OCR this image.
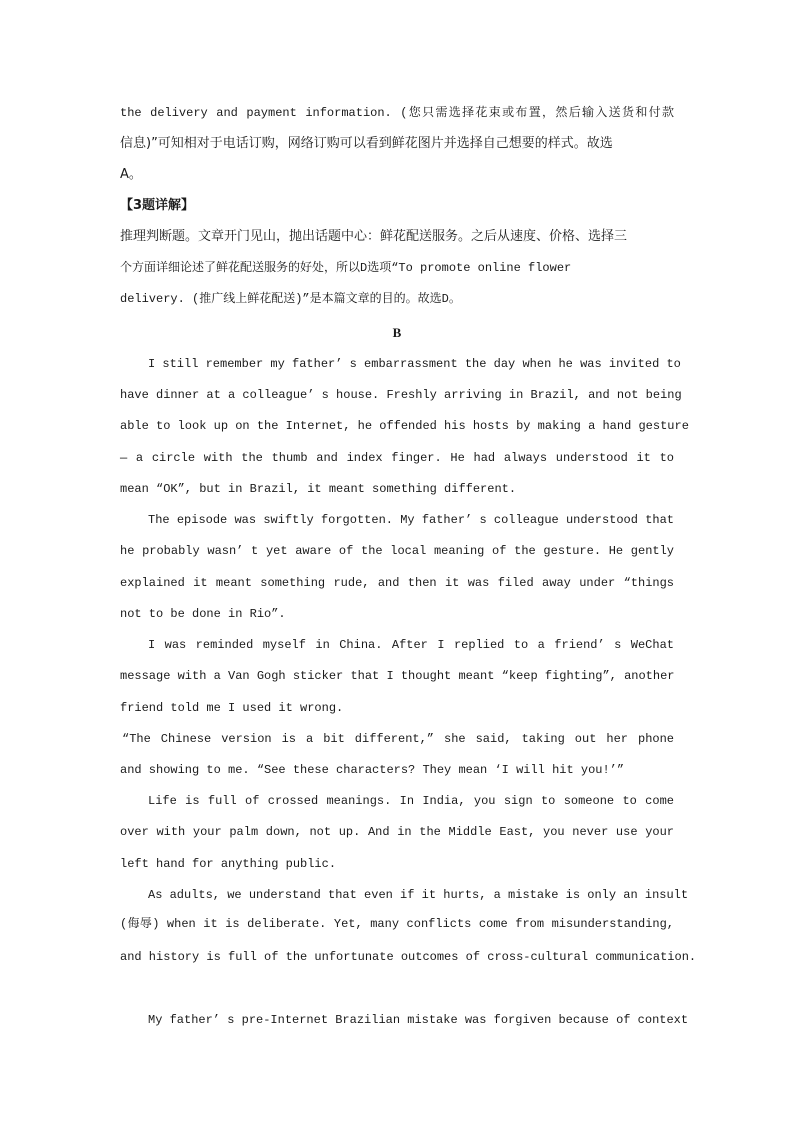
the delivery and payment information. (您只需选择花束或布置，然后输入送货和付款
信息)”可知相对于电话订购，网络订购可以看到鲜花图片并选择自己想要的样式。故选
A。
【3题详解】
推理判断题。文章开门见山，抛出话题中心：鲜花配送服务。之后从速度、价格、选择三
个方面详细论述了鲜花配送服务的好处，所以D选项“To promote online flower
delivery. (推广线上鲜花配送)”是本篇文章的目的。故选D。
B
I still remember my father’ s embarrassment the day when he was invited to
have dinner at a colleague’ s house. Freshly arriving in Brazil, and not being
able to look up on the Internet, he offended his hosts by making a hand gesture
— a circle with the thumb and index finger. He had always understood it to
mean “OK”, but in Brazil, it meant something different.
The episode was swiftly forgotten. My father’ s colleague understood that
he probably wasn’ t yet aware of the local meaning of the gesture. He gently
explained it meant something rude, and then it was filed away under “things
not to be done in Rio”.
I was reminded myself in China. After I replied to a friend’ s WeChat
message with a Van Gogh sticker that I thought meant “keep fighting”, another
friend told me I used it wrong.
“The Chinese version is a bit different,” she said, taking out her phone
and showing to me. “See these characters? They mean ‘I will hit you!’”
Life is full of crossed meanings. In India, you sign to someone to come
over with your palm down, not up. And in the Middle East, you never use your
left hand for anything public.
As adults, we understand that even if it hurts, a mistake is only an insult
(侮辱) when it is deliberate. Yet, many conflicts come from misunderstanding,
and history is full of the unfortunate outcomes of cross-cultural communication.
My father’ s pre-Internet Brazilian mistake was forgiven because of context
